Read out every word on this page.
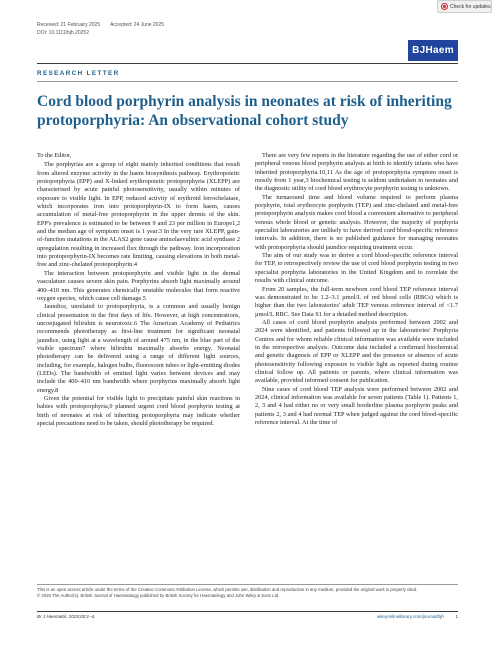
Check for updates
Received: 21 February 2025 Accepted: 24 June 2025
DOI: 10.1111/bjh.20252
BJHaem
RESEARCH LETTER
Cord blood porphyrin analysis in neonates at risk of inheriting protoporphyria: An observational cohort study

To the Editor,

The porphyrias are a group of eight mainly inherited conditions that result from altered enzyme activity in the haem biosynthesis pathway. Erythropoietic protoporphyria (EPP) and X-linked erythropoietic protoporphyria (XLEPP) are characterised by acute painful photosensitivity, usually within minutes of exposure to visible light. In EPP, reduced activity of erythroid ferrochelatase, which incorporates iron into protoporphyrin-IX to form haem, causes accumulation of metal-free protoporphyrin in the upper dermis of the skin. EPP's prevalence is estimated to be between 9 and 23 per million in Europe1,2 and the median age of symptom onset is 1 year.3 In the very rare XLEPP, gain-of-function mutations in the ALAS2 gene cause aminolaevulinic acid synthase 2 upregulation resulting in increased flux through the pathway. Iron incorporation into protoporphyrin-IX becomes rate limiting, causing elevations in both metal-free and zinc-chelated protoporphyrin.4

The interaction between protoporphyrin and visible light in the dermal vasculature causes severe skin pain. Porphyrins absorb light maximally around 400–410 nm. This generates chemically unstable molecules that form reactive oxygen species, which cause cell damage.5

Jaundice, unrelated to protoporphyria, is a common and usually benign clinical presentation in the first days of life. However, at high concentrations, unconjugated bilirubin is neurotoxic.6 The American Academy of Pediatrics recommends phototherapy as first-line treatment for significant neonatal jaundice, using light at a wavelength of around 475 nm, in the blue part of the visible spectrum7 where bilirubin maximally absorbs energy. Neonatal phototherapy can be delivered using a range of different light sources, including, for example, halogen bulbs, fluorescent tubes or light-emitting diodes (LEDs). The bandwidth of emitted light varies between devices and may include the 400–410 nm bandwidth where porphyrins maximally absorb light energy.8

Given the potential for visible light to precipitate painful skin reactions in babies with protoporphyria,9 planned urgent cord blood porphyrin testing at birth of neonates at risk of inheriting protoporphyria may indicate whether special precautions need to be taken, should phototherapy be required.

There are very few reports in the literature regarding the use of either cord or peripheral venous blood porphyrin analysis at birth to identify infants who have inherited protoporphyria.10,11 As the age of protoporphyria symptom onset is mostly from 1 year,3 biochemical testing is seldom undertaken in neonates and the diagnostic utility of cord blood erythrocyte porphyrin testing is unknown.

The turnaround time and blood volume required to perform plasma porphyrin, total erythrocyte porphyrin (TEP) and zinc-chelated and metal-free protoporphyrin analysis makes cord blood a convenient alternative to peripheral venous whole blood or genetic analysis. However, the majority of porphyria specialist laboratories are unlikely to have derived cord blood-specific reference intervals. In addition, there is no published guidance for managing neonates with protoporphyria should jaundice requiring treatment occur.

The aim of our study was to derive a cord blood-specific reference interval for TEP, to retrospectively review the use of cord blood porphyrin testing in two specialist porphyria laboratories in the United Kingdom and to correlate the results with clinical outcome.

From 20 samples, the full-term newborn cord blood TEP reference interval was demonstrated to be 1.2–3.1 µmol/L of red blood cells (RBCs) which is higher than the two laboratories' adult TEP venous reference interval of <1.7 µmol/L RBC. See Data S1 for a detailed method description.

All cases of cord blood porphyrin analysis performed between 2002 and 2024 were identified, and patients followed up in the laboratories' Porphyria Centres and for whom reliable clinical information was available were included in the retrospective analysis. Outcome data included a confirmed biochemical and genetic diagnosis of EPP or XLEPP and the presence or absence of acute photosensitivity following exposure to visible light as reported during routine clinical follow up. All patients or parents, where clinical information was available, provided informed consent for publication.

Nine cases of cord blood TEP analysis were performed between 2002 and 2024, clinical information was available for seven patients (Table 1). Patients 1, 2, 3 and 4 had either no or very small borderline plasma porphyrin peaks and patients 2, 3 and 4 had normal TEP when judged against the cord blood-specific reference interval. At the time of

This is an open access article under the terms of the Creative Commons Attribution License, which permits use, distribution and reproduction in any medium, provided the original work is properly cited.
© 2025 The Author(s). British Journal of Haematology published by British Society for Haematology and John Wiley & Sons Ltd.
Br J Haematol. 2025;00:1–4.	wileyonlinelibrary.com/journal/bjh 1
